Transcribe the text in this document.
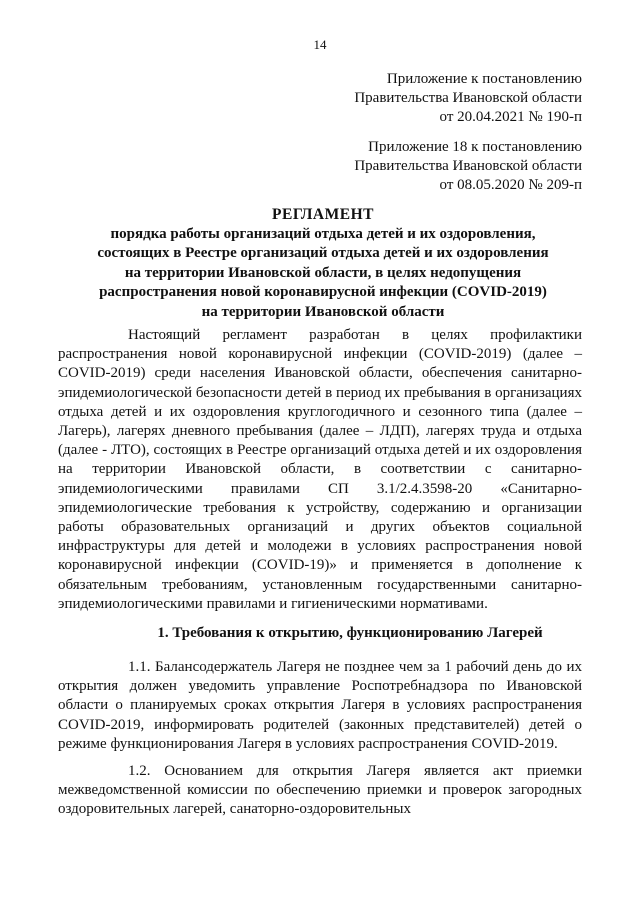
14
Приложение к постановлению
Правительства Ивановской области
от 20.04.2021 № 190-п
Приложение 18 к постановлению
Правительства Ивановской области
от 08.05.2020 № 209-п
РЕГЛАМЕНТ
порядка работы организаций отдыха детей и их оздоровления,
состоящих в Реестре организаций отдыха детей и их оздоровления
на территории Ивановской области, в целях недопущения
распространения новой коронавирусной инфекции (COVID-2019)
на территории Ивановской области

Настоящий регламент разработан в целях профилактики распространения новой коронавирусной инфекции (COVID-2019) (далее – COVID-2019) среди населения Ивановской области, обеспечения санитарно-эпидемиологической безопасности детей в период их пребывания в организациях отдыха детей и их оздоровления круглогодичного и сезонного типа (далее – Лагерь), лагерях дневного пребывания (далее – ЛДП), лагерях труда и отдыха (далее - ЛТО), состоящих в Реестре организаций отдыха детей и их оздоровления на территории Ивановской области, в соответствии с санитарно-эпидемиологическими правилами СП 3.1/2.4.3598-20 «Санитарно-эпидемиологические требования к устройству, содержанию и организации работы образовательных организаций и других объектов социальной инфраструктуры для детей и молодежи в условиях распространения новой коронавирусной инфекции (COVID-19)» и применяется в дополнение к обязательным требованиям, установленным государственными санитарно-эпидемиологическими правилами и гигиеническими нормативами.

1. Требования к открытию, функционированию Лагерей

1.1. Балансодержатель Лагеря не позднее чем за 1 рабочий день до их открытия должен уведомить управление Роспотребнадзора по Ивановской области о планируемых сроках открытия Лагеря в условиях распространения COVID-2019, информировать родителей (законных представителей) детей о режиме функционирования Лагеря в условиях распространения COVID-2019.

1.2. Основанием для открытия Лагеря является акт приемки межведомственной комиссии по обеспечению приемки и проверок загородных оздоровительных лагерей, санаторно-оздоровительных
